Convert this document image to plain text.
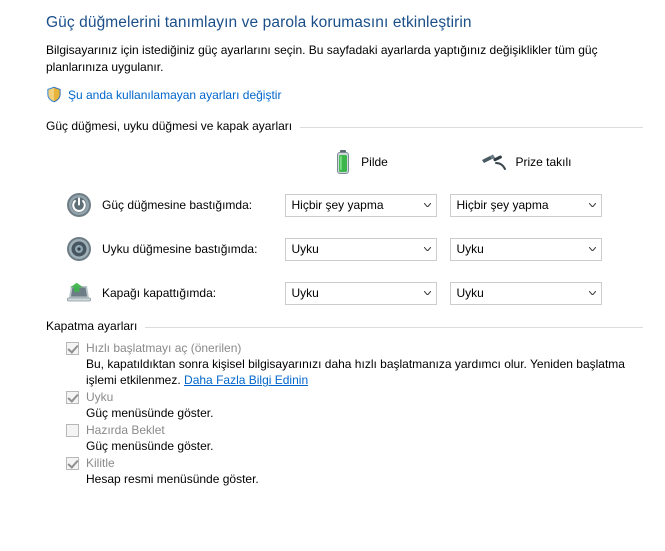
Güç düğmelerini tanımlayın ve parola korumasını etkinleştirin

Bilgisayarınız için istediğiniz güç ayarlarını seçin. Bu sayfadaki ayarlarda yaptığınız değişiklikler tüm güç planlarınıza uygulanır.

Şu anda kullanılamayan ayarları değiştir
Güç düğmesi, uyku düğmesi ve kapak ayarları
Pilde	Prize takılı
Güç düğmesine bastığımda:	Hiçbir şey yapma	Hiçbir şey yapma
Uyku düğmesine bastığımda:	Uyku	Uyku
Kapağı kapattığımda:	Uyku	Uyku
Kapatma ayarları
Hızlı başlatmayı aç (önerilen)
Bu, kapatıldıktan sonra kişisel bilgisayarınızı daha hızlı başlatmanıza yardımcı olur. Yeniden başlatma işlemi etkilenmez. Daha Fazla Bilgi Edinin
Uyku
Güç menüsünde göster.
Hazırda Beklet
Güç menüsünde göster.
Kilitle
Hesap resmi menüsünde göster.
